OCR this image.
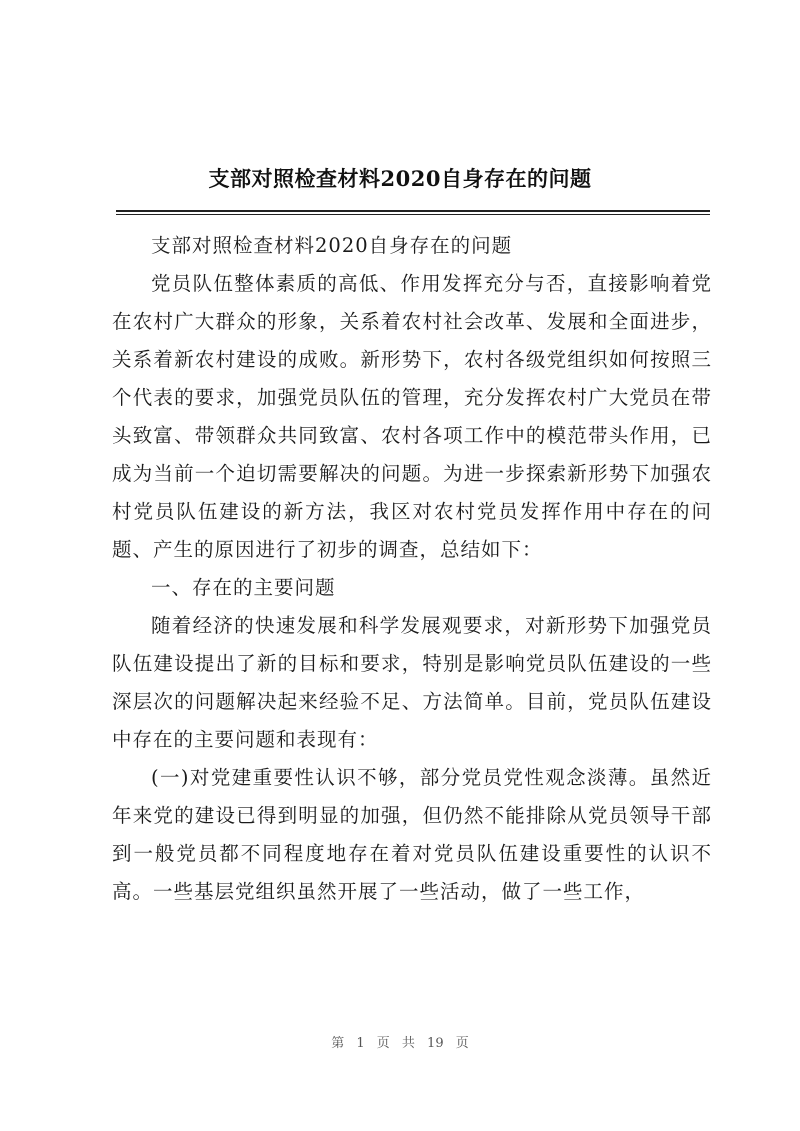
支部对照检查材料2020自身存在的问题

支部对照检查材料2020自身存在的问题

党员队伍整体素质的高低、作用发挥充分与否，直接影响着党在农村广大群众的形象，关系着农村社会改革、发展和全面进步，关系着新农村建设的成败。新形势下，农村各级党组织如何按照三个代表的要求，加强党员队伍的管理，充分发挥农村广大党员在带头致富、带领群众共同致富、农村各项工作中的模范带头作用，已成为当前一个迫切需要解决的问题。为进一步探索新形势下加强农村党员队伍建设的新方法，我区对农村党员发挥作用中存在的问题、产生的原因进行了初步的调查，总结如下：

一、存在的主要问题

随着经济的快速发展和科学发展观要求，对新形势下加强党员队伍建设提出了新的目标和要求，特别是影响党员队伍建设的一些深层次的问题解决起来经验不足、方法简单。目前，党员队伍建设中存在的主要问题和表现有：

(一)对党建重要性认识不够，部分党员党性观念淡薄。虽然近年来党的建设已得到明显的加强，但仍然不能排除从党员领导干部到一般党员都不同程度地存在着对党员队伍建设重要性的认识不高。一些基层党组织虽然开展了一些活动，做了一些工作，

第 1 页 共 19 页
